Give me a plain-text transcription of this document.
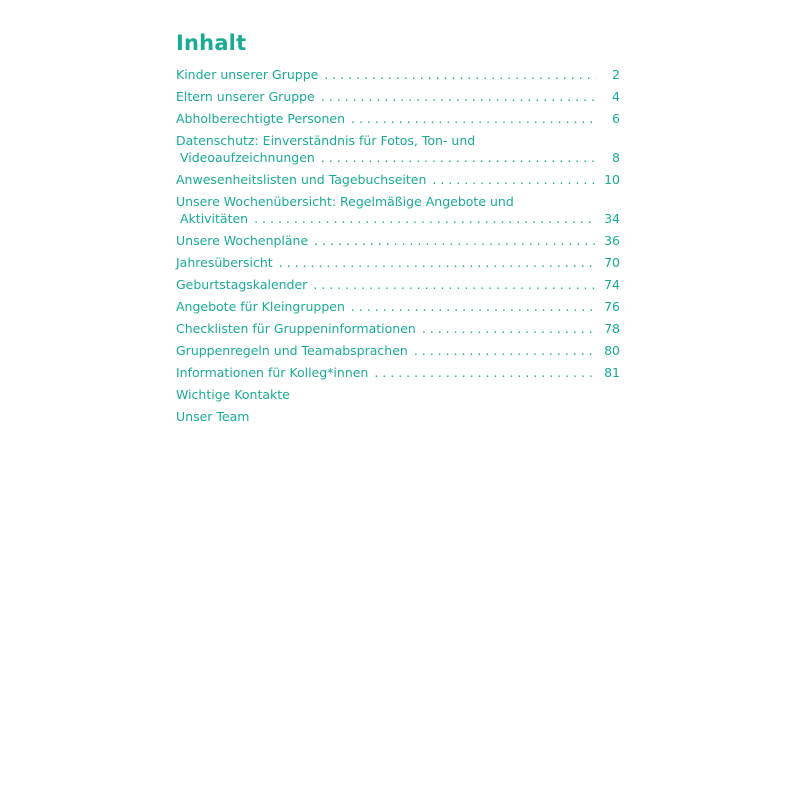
Inhalt
Kinder unserer Gruppe . . .	2
Eltern unserer Gruppe . . .	4
Abholberechtigte Personen . . .	6
Datenschutz: Einverständnis für Fotos, Ton- und
Videoaufzeichnungen . . .	8
Anwesenheitslisten und Tagebuchseiten . . .	10
Unsere Wochenübersicht: Regelmäßige Angebote und
Aktivitäten . . .	34
Unsere Wochenpläne . . .	36
Jahresübersicht . . .	70
Geburtstagskalender . . .	74
Angebote für Kleingruppen . . .	76
Checklisten für Gruppeninformationen . . .	78
Gruppenregeln und Teamabsprachen . . .	80
Informationen für Kolleg*innen . . .	81
Wichtige Kontakte
Unser Team
